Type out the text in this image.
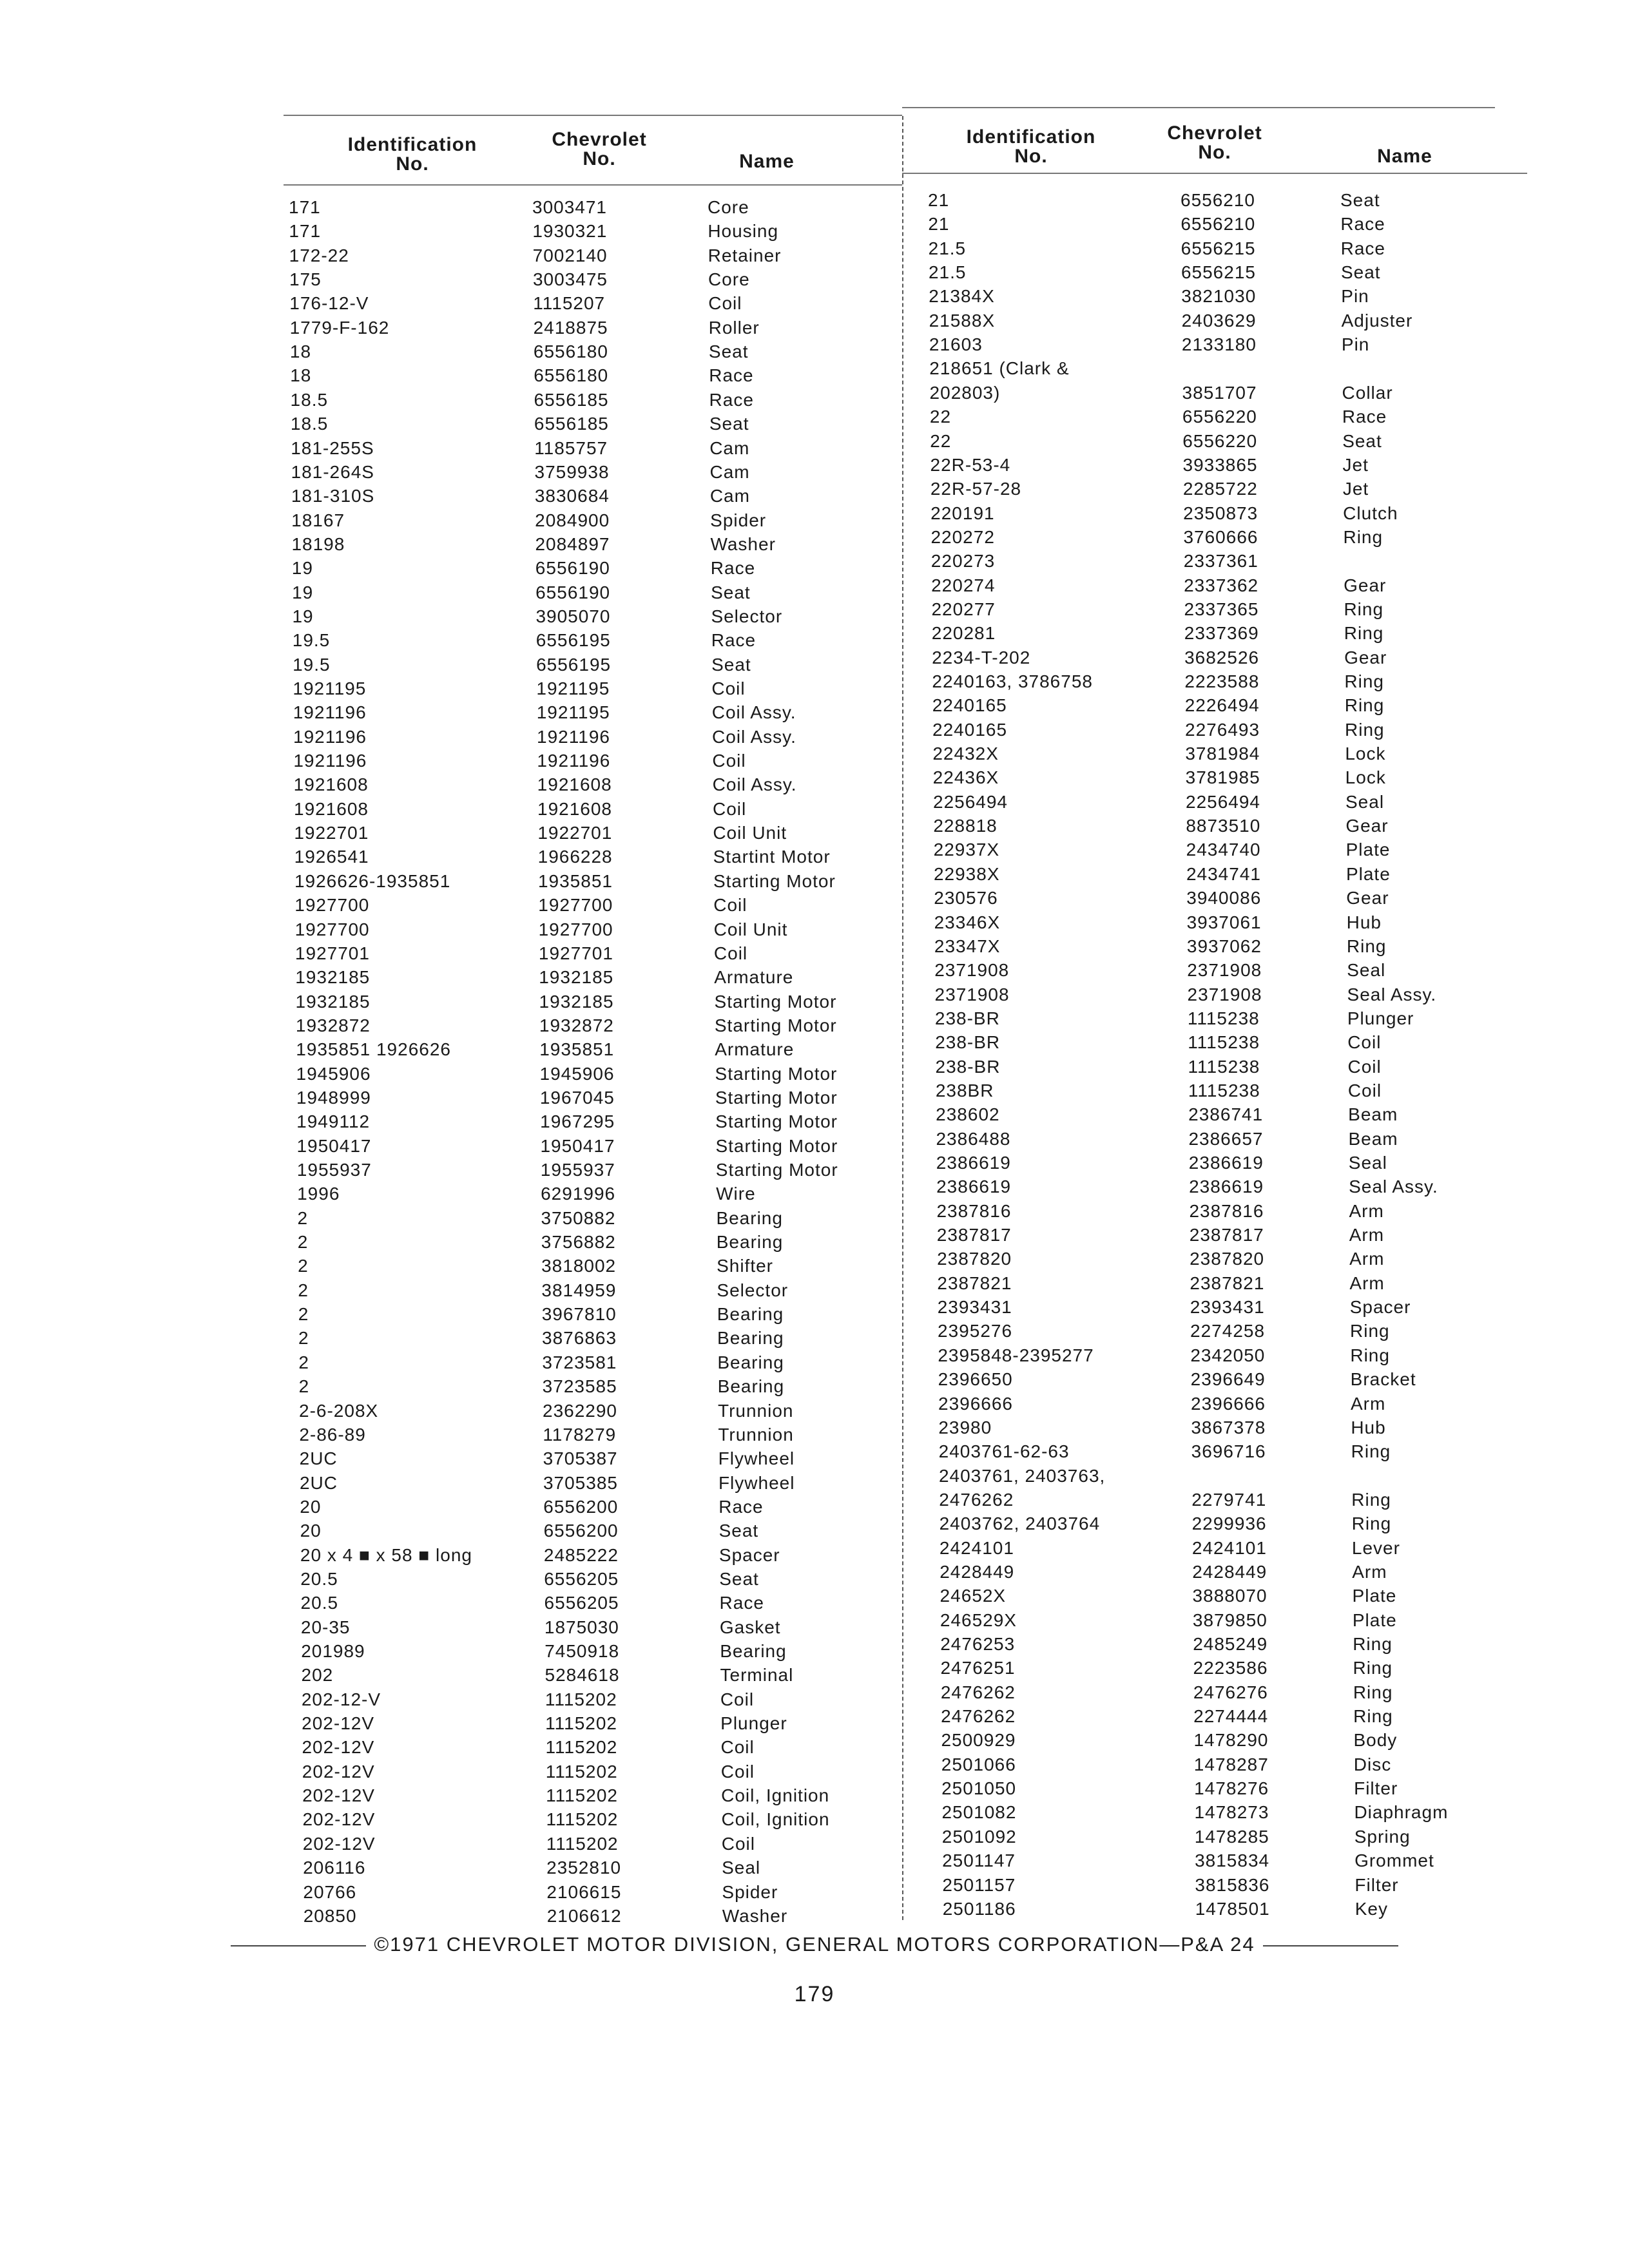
Identification
No.
Chevrolet
No.	Name
Identification
No.
Chevrolet
No.	Name
171	3003471	Core
171	1930321	Housing
172-22	7002140	Retainer
175	3003475	Core
176-12-V	1115207	Coil
1779-F-162	2418875	Roller
18	6556180	Seat
18	6556180	Race
18.5	6556185	Race
18.5	6556185	Seat
181-255S	1185757	Cam
181-264S	3759938	Cam
181-310S	3830684	Cam
18167	2084900	Spider
18198	2084897	Washer
19	6556190	Race
19	6556190	Seat
19	3905070	Selector
19.5	6556195	Race
19.5	6556195	Seat
1921195	1921195	Coil
1921196	1921195	Coil Assy.
1921196	1921196	Coil Assy.
1921196	1921196	Coil
1921608	1921608	Coil Assy.
1921608	1921608	Coil
1922701	1922701	Coil Unit
1926541	1966228	Startint Motor
1926626-1935851	1935851	Starting Motor
1927700	1927700	Coil
1927700	1927700	Coil Unit
1927701	1927701	Coil
1932185	1932185	Armature
1932185	1932185	Starting Motor
1932872	1932872	Starting Motor
1935851 1926626	1935851	Armature
1945906	1945906	Starting Motor
1948999	1967045	Starting Motor
1949112	1967295	Starting Motor
1950417	1950417	Starting Motor
1955937	1955937	Starting Motor
1996	6291996	Wire
2	3750882	Bearing
2	3756882	Bearing
2	3818002	Shifter
2	3814959	Selector
2	3967810	Bearing
2	3876863	Bearing
2	3723581	Bearing
2	3723585	Bearing
2-6-208X	2362290	Trunnion
2-86-89	1178279	Trunnion
2UC	3705387	Flywheel
2UC	3705385	Flywheel
20	6556200	Race
20	6556200	Seat
20 x 4 ■ x 58 ■ long	2485222	Spacer
20.5	6556205	Seat
20.5	6556205	Race
20-35	1875030	Gasket
201989	7450918	Bearing
202	5284618	Terminal
202-12-V	1115202	Coil
202-12V	1115202	Plunger
202-12V	1115202	Coil
202-12V	1115202	Coil
202-12V	1115202	Coil, Ignition
202-12V	1115202	Coil, Ignition
202-12V	1115202	Coil
206116	2352810	Seal
20766	2106615	Spider
20850	2106612	Washer
21	6556210	Seat
21	6556210	Race
21.5	6556215	Race
21.5	6556215	Seat
21384X	3821030	Pin
21588X	2403629	Adjuster
21603	2133180	Pin
218651 (Clark &
202803)	3851707	Collar
22	6556220	Race
22	6556220	Seat
22R-53-4	3933865	Jet
22R-57-28	2285722	Jet
220191	2350873	Clutch
220272	3760666	Ring
220273	2337361
220274	2337362	Gear
220277	2337365	Ring
220281	2337369	Ring
2234-T-202	3682526	Gear
2240163, 3786758	2223588	Ring
2240165	2226494	Ring
2240165	2276493	Ring
22432X	3781984	Lock
22436X	3781985	Lock
2256494	2256494	Seal
228818	8873510	Gear
22937X	2434740	Plate
22938X	2434741	Plate
230576	3940086	Gear
23346X	3937061	Hub
23347X	3937062	Ring
2371908	2371908	Seal
2371908	2371908	Seal Assy.
238-BR	1115238	Plunger
238-BR	1115238	Coil
238-BR	1115238	Coil
238BR	1115238	Coil
238602	2386741	Beam
2386488	2386657	Beam
2386619	2386619	Seal
2386619	2386619	Seal Assy.
2387816	2387816	Arm
2387817	2387817	Arm
2387820	2387820	Arm
2387821	2387821	Arm
2393431	2393431	Spacer
2395276	2274258	Ring
2395848-2395277	2342050	Ring
2396650	2396649	Bracket
2396666	2396666	Arm
23980	3867378	Hub
2403761-62-63	3696716	Ring
2403761, 2403763,
2476262	2279741	Ring
2403762, 2403764	2299936	Ring
2424101	2424101	Lever
2428449	2428449	Arm
24652X	3888070	Plate
246529X	3879850	Plate
2476253	2485249	Ring
2476251	2223586	Ring
2476262	2476276	Ring
2476262	2274444	Ring
2500929	1478290	Body
2501066	1478287	Disc
2501050	1478276	Filter
2501082	1478273	Diaphragm
2501092	1478285	Spring
2501147	3815834	Grommet
2501157	3815836	Filter
2501186	1478501	Key
©1971 CHEVROLET MOTOR DIVISION, GENERAL MOTORS CORPORATION—P&A 24
179
